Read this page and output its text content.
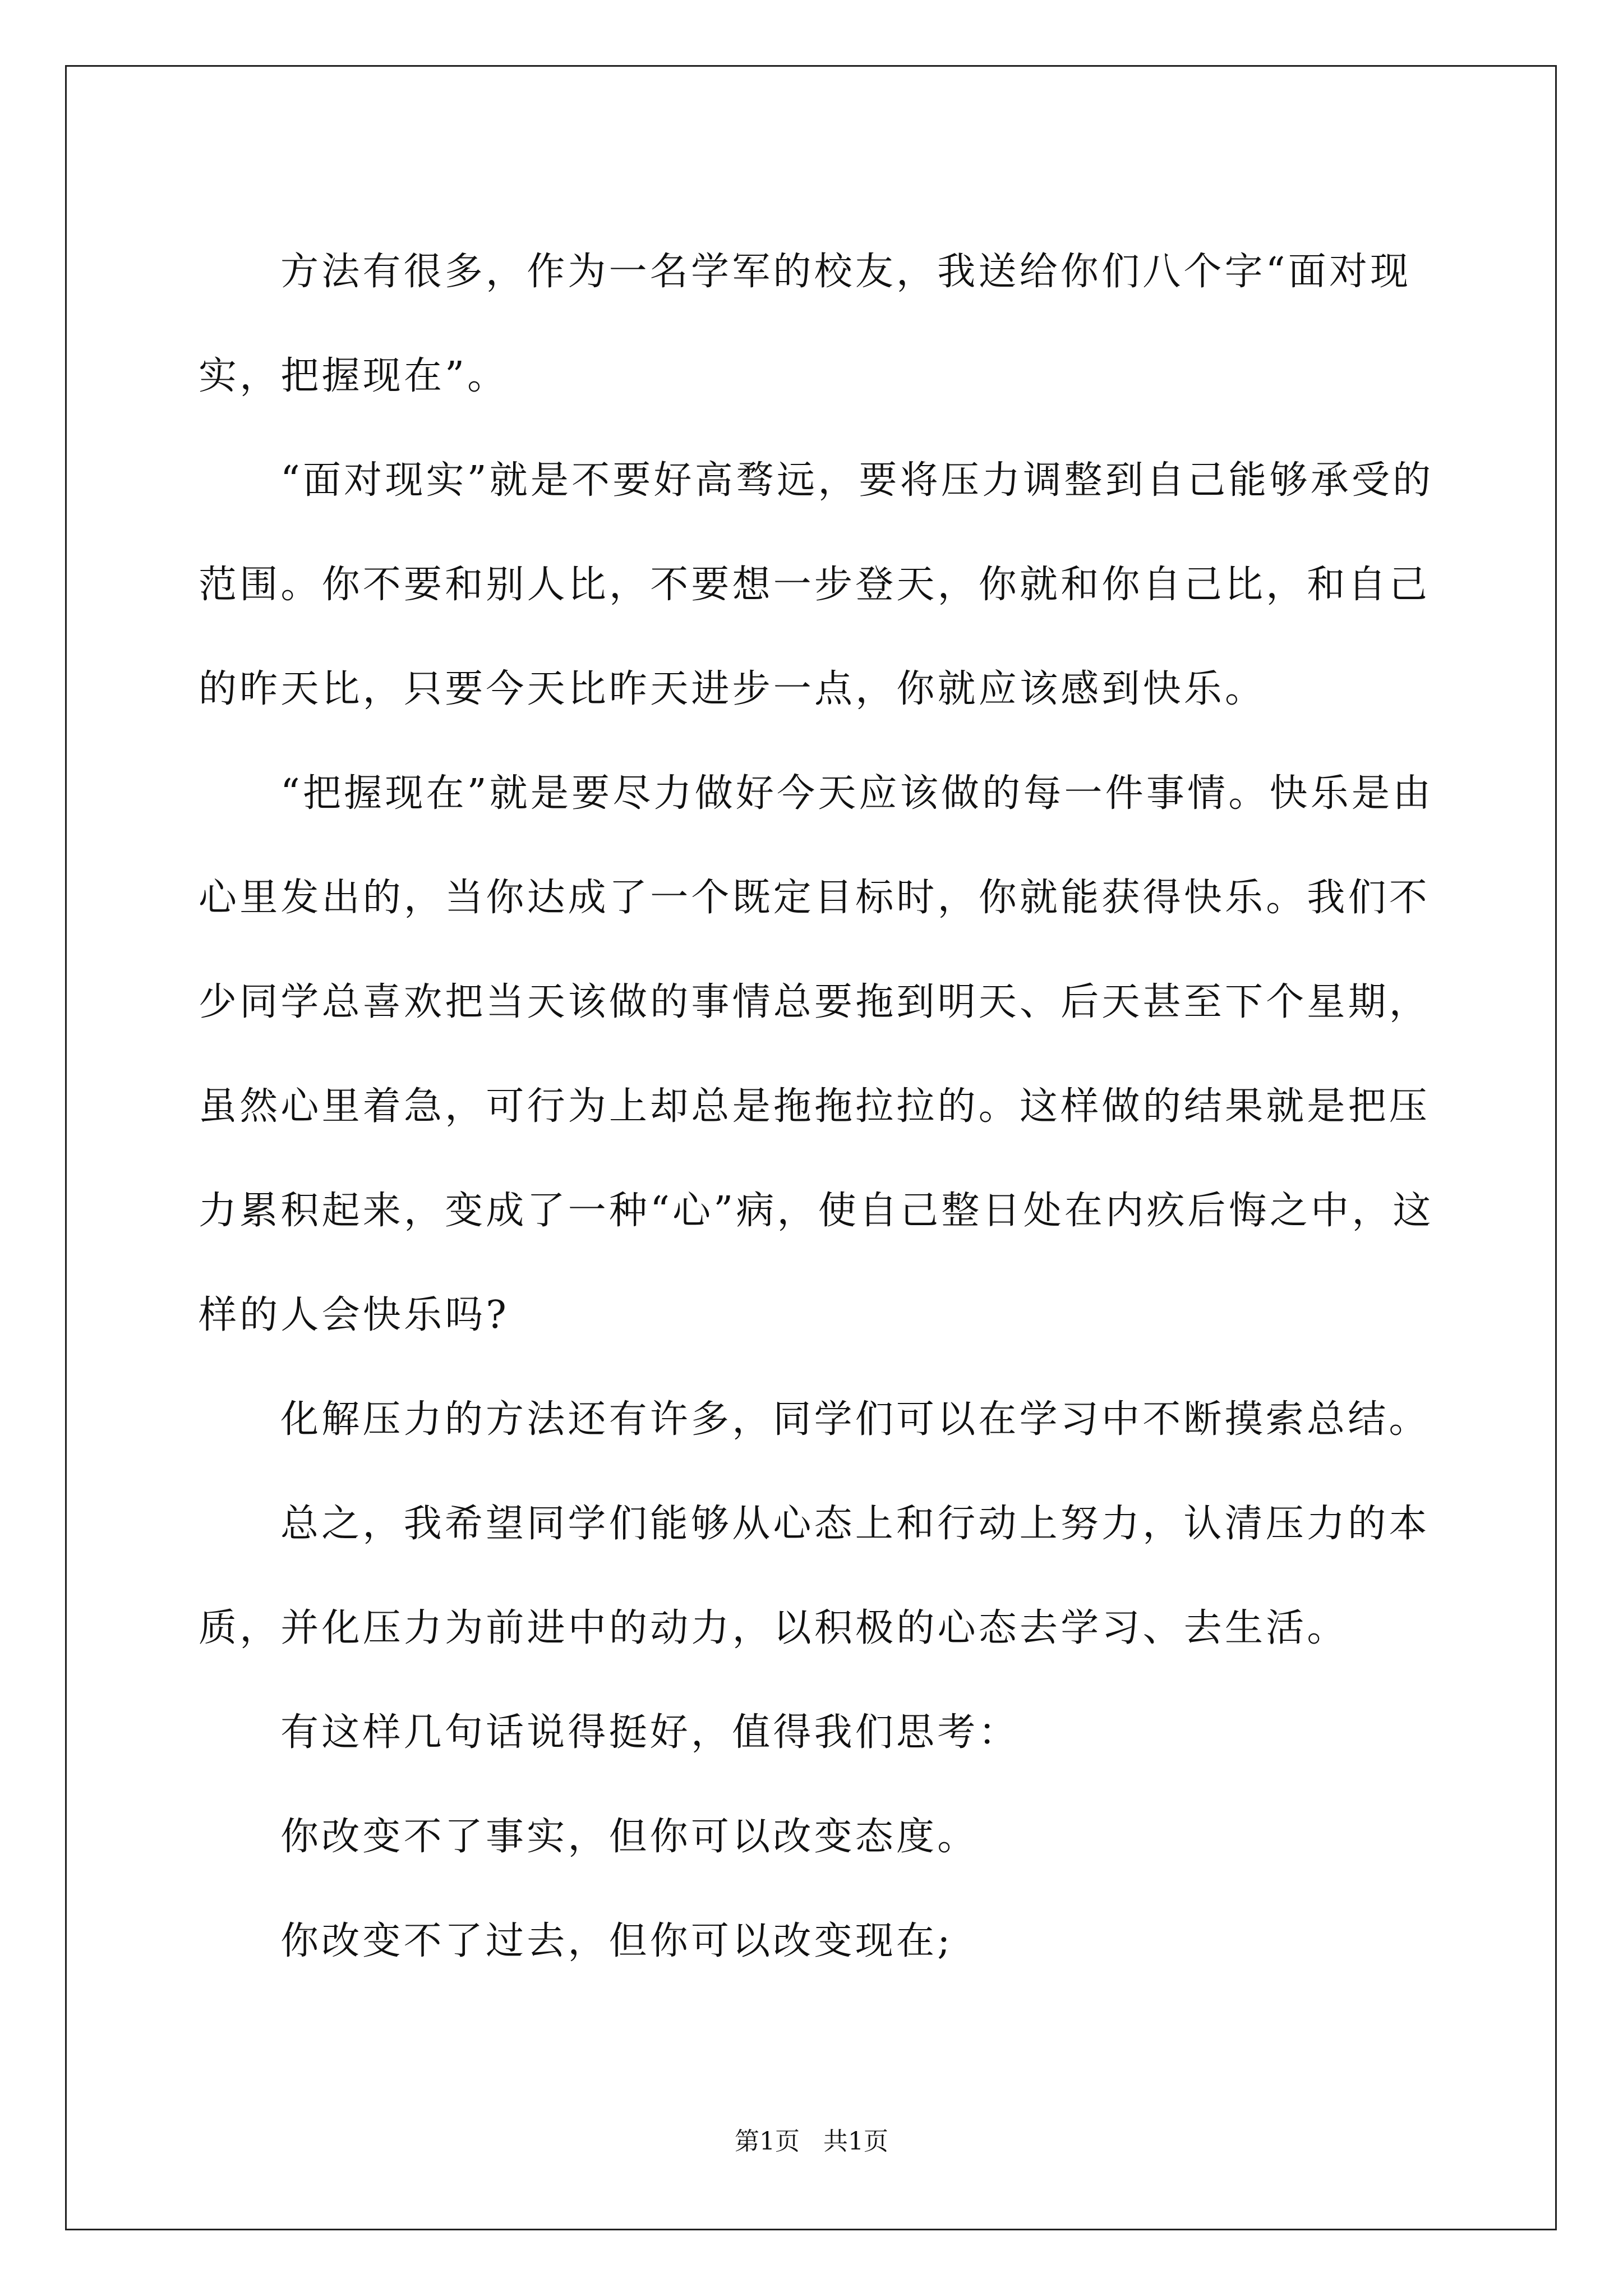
方法有很多，作为一名学军的校友，我送给你们八个字“面对现实，把握现在”。

“面对现实”就是不要好高骛远，要将压力调整到自己能够承受的范围。你不要和别人比，不要想一步登天，你就和你自己比，和自己的昨天比，只要今天比昨天进步一点，你就应该感到快乐。

“把握现在”就是要尽力做好今天应该做的每一件事情。快乐是由心里发出的，当你达成了一个既定目标时，你就能获得快乐。我们不少同学总喜欢把当天该做的事情总要拖到明天、后天甚至下个星期，虽然心里着急，可行为上却总是拖拖拉拉的。这样做的结果就是把压力累积起来，变成了一种“心”病，使自己整日处在内疚后悔之中，这样的人会快乐吗?

化解压力的方法还有许多，同学们可以在学习中不断摸索总结。

总之，我希望同学们能够从心态上和行动上努力，认清压力的本质，并化压力为前进中的动力，以积极的心态去学习、去生活。

有这样几句话说得挺好，值得我们思考：

你改变不了事实，但你可以改变态度。

你改变不了过去，但你可以改变现在;

第1页 共1页
